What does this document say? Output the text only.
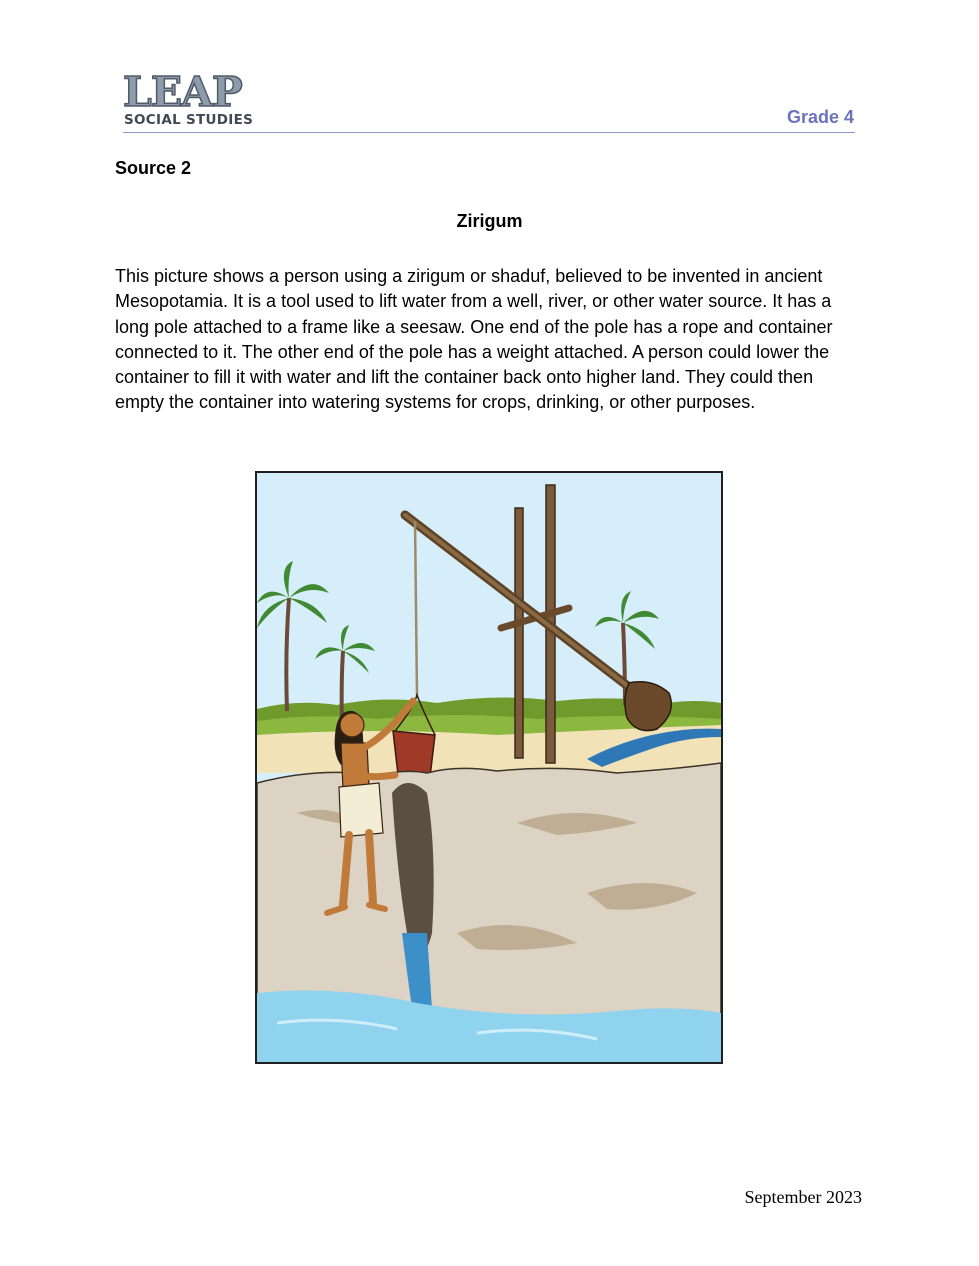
LEAP
SOCIAL STUDIES	Grade 4
Source 2
Zirigum

This picture shows a person using a zirigum or shaduf, believed to be invented in ancient Mesopotamia. It is a tool used to lift water from a well, river, or other water source. It has a long pole attached to a frame like a seesaw. One end of the pole has a rope and container connected to it. The other end of the pole has a weight attached. A person could lower the container to fill it with water and lift the container back onto higher land. They could then empty the container into watering systems for crops, drinking, or other purposes.

September 2023
